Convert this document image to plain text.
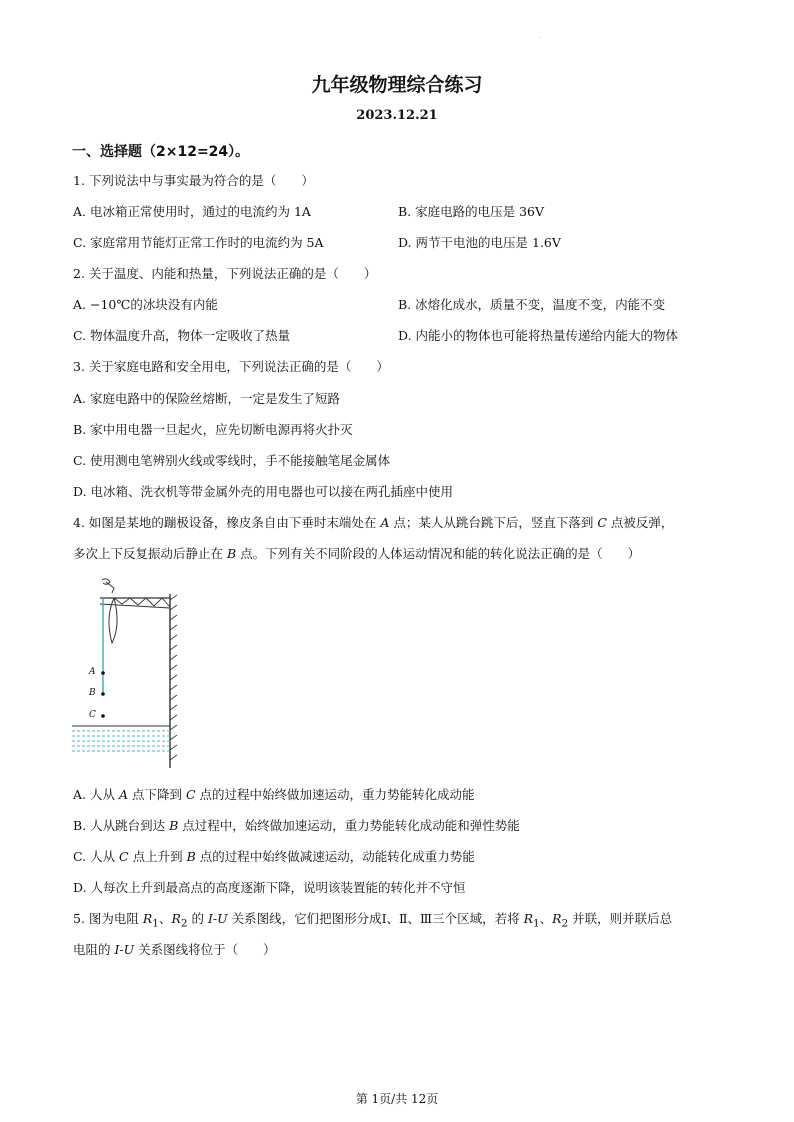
.
九年级物理综合练习
2023.12.21
一、选择题（2×12=24）。
1. 下列说法中与事实最为符合的是（　　）
A. 电冰箱正常使用时，通过的电流约为 1A	B. 家庭电路的电压是 36V
C. 家庭常用节能灯正常工作时的电流约为 5A	D. 两节干电池的电压是 1.6V
2. 关于温度、内能和热量，下列说法正确的是（　　）
A. −10℃的冰块没有内能	B. 冰熔化成水，质量不变，温度不变，内能不变
C. 物体温度升高，物体一定吸收了热量	D. 内能小的物体也可能将热量传递给内能大的物体
3. 关于家庭电路和安全用电，下列说法正确的是（　　）
A. 家庭电路中的保险丝熔断，一定是发生了短路
B. 家中用电器一旦起火，应先切断电源再将火扑灭
C. 使用测电笔辨别火线或零线时，手不能接触笔尾金属体
D. 电冰箱、洗衣机等带金属外壳的用电器也可以接在两孔插座中使用
4. 如图是某地的蹦极设备，橡皮条自由下垂时末端处在 A 点；某人从跳台跳下后，竖直下落到 C 点被反弹，
多次上下反复振动后静止在 B 点。下列有关不同阶段的人体运动情况和能的转化说法正确的是（　　）
A
B
C
A. 人从 A 点下降到 C 点的过程中始终做加速运动，重力势能转化成动能
B. 人从跳台到达 B 点过程中，始终做加速运动，重力势能转化成动能和弹性势能
C. 人从 C 点上升到 B 点的过程中始终做减速运动，动能转化成重力势能
D. 人每次上升到最高点的高度逐渐下降，说明该装置能的转化并不守恒
5. 图为电阻 $R_1$、$R_2$ 的 I-U 关系图线，它们把图形分成Ⅰ、Ⅱ、Ⅲ三个区域，若将 $R_1$、$R_2$ 并联，则并联后总
电阻的 I-U 关系图线将位于（　　）
第 1页/共 12页
